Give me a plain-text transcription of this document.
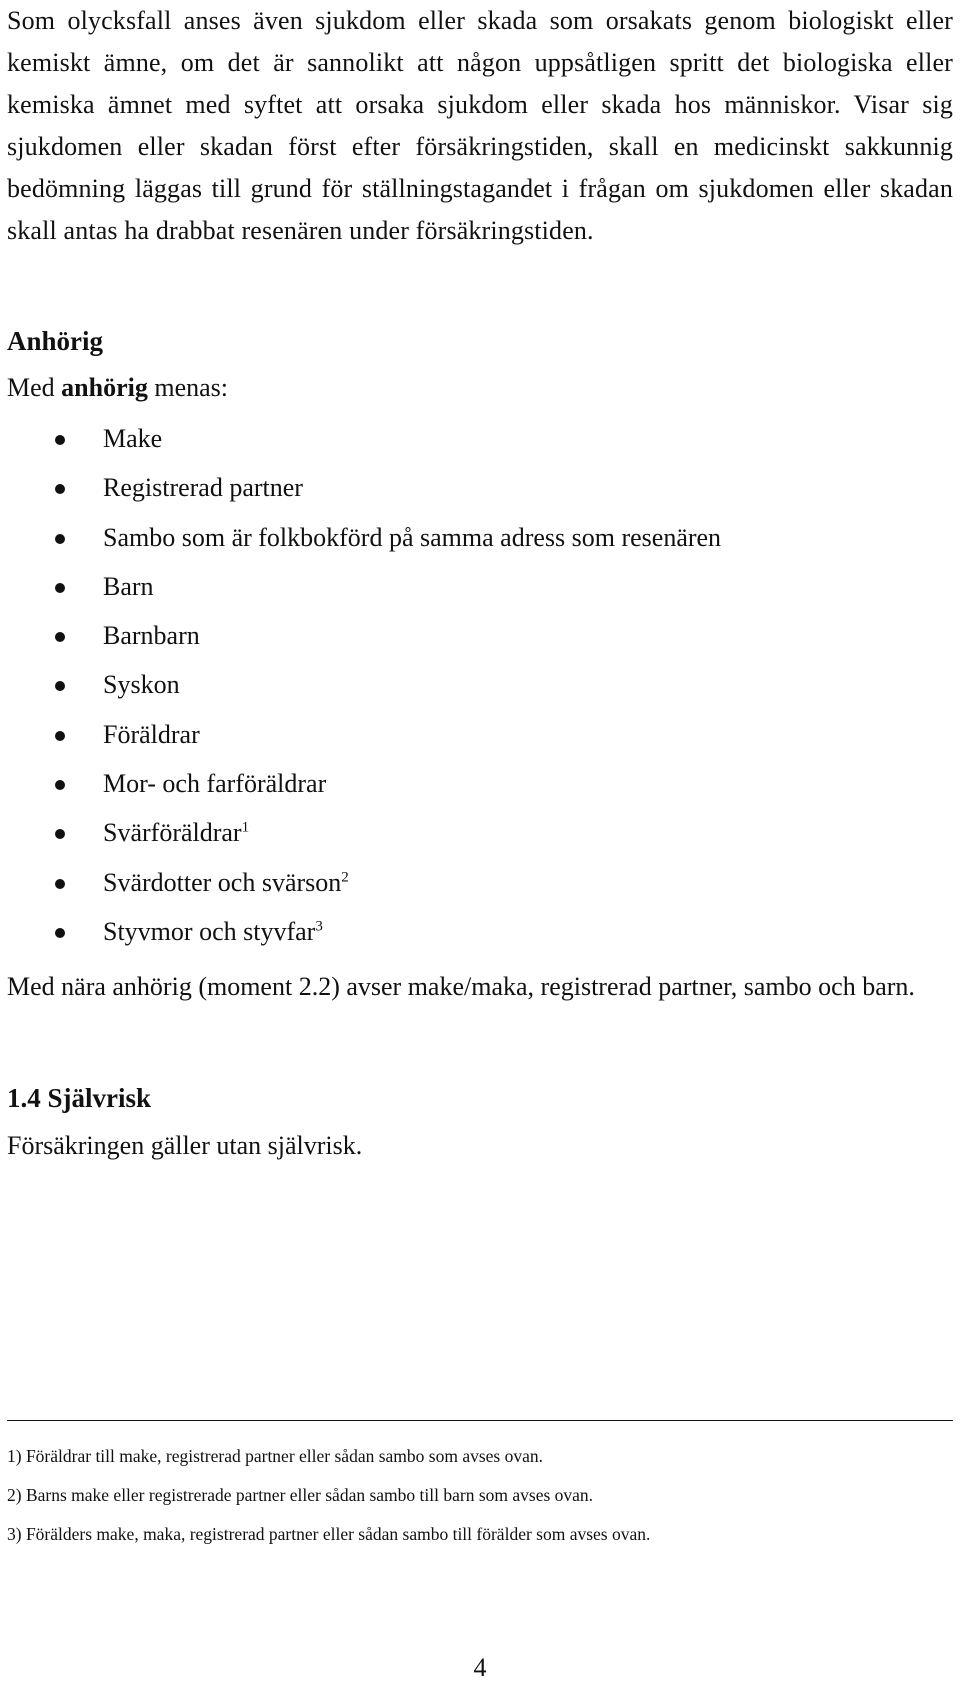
Som olycksfall anses även sjukdom eller skada som orsakats genom biologiskt eller kemiskt ämne, om det är sannolikt att någon uppsåtligen spritt det biologiska eller kemiska ämnet med syftet att orsaka sjukdom eller skada hos människor. Visar sig sjukdomen eller skadan först efter försäkringstiden, skall en medicinskt sakkunnig bedömning läggas till grund för ställningstagandet i frågan om sjukdomen eller skadan skall antas ha drabbat resenären under försäkringstiden.

Anhörig

Med anhörig menas:

Make
Registrerad partner
Sambo som är folkbokförd på samma adress som resenären
Barn
Barnbarn
Syskon
Föräldrar
Mor- och farföräldrar
Svärföräldrar$^1$
Svärdotter och svärson$^2$
Styvmor och styvfar$^3$

Med nära anhörig (moment 2.2) avser make/maka, registrerad partner, sambo och barn.

1.4 Självrisk

Försäkringen gäller utan självrisk.

1) Föräldrar till make, registrerad partner eller sådan sambo som avses ovan.
2) Barns make eller registrerade partner eller sådan sambo till barn som avses ovan.
3) Förälders make, maka, registrerad partner eller sådan sambo till förälder som avses ovan.
4
